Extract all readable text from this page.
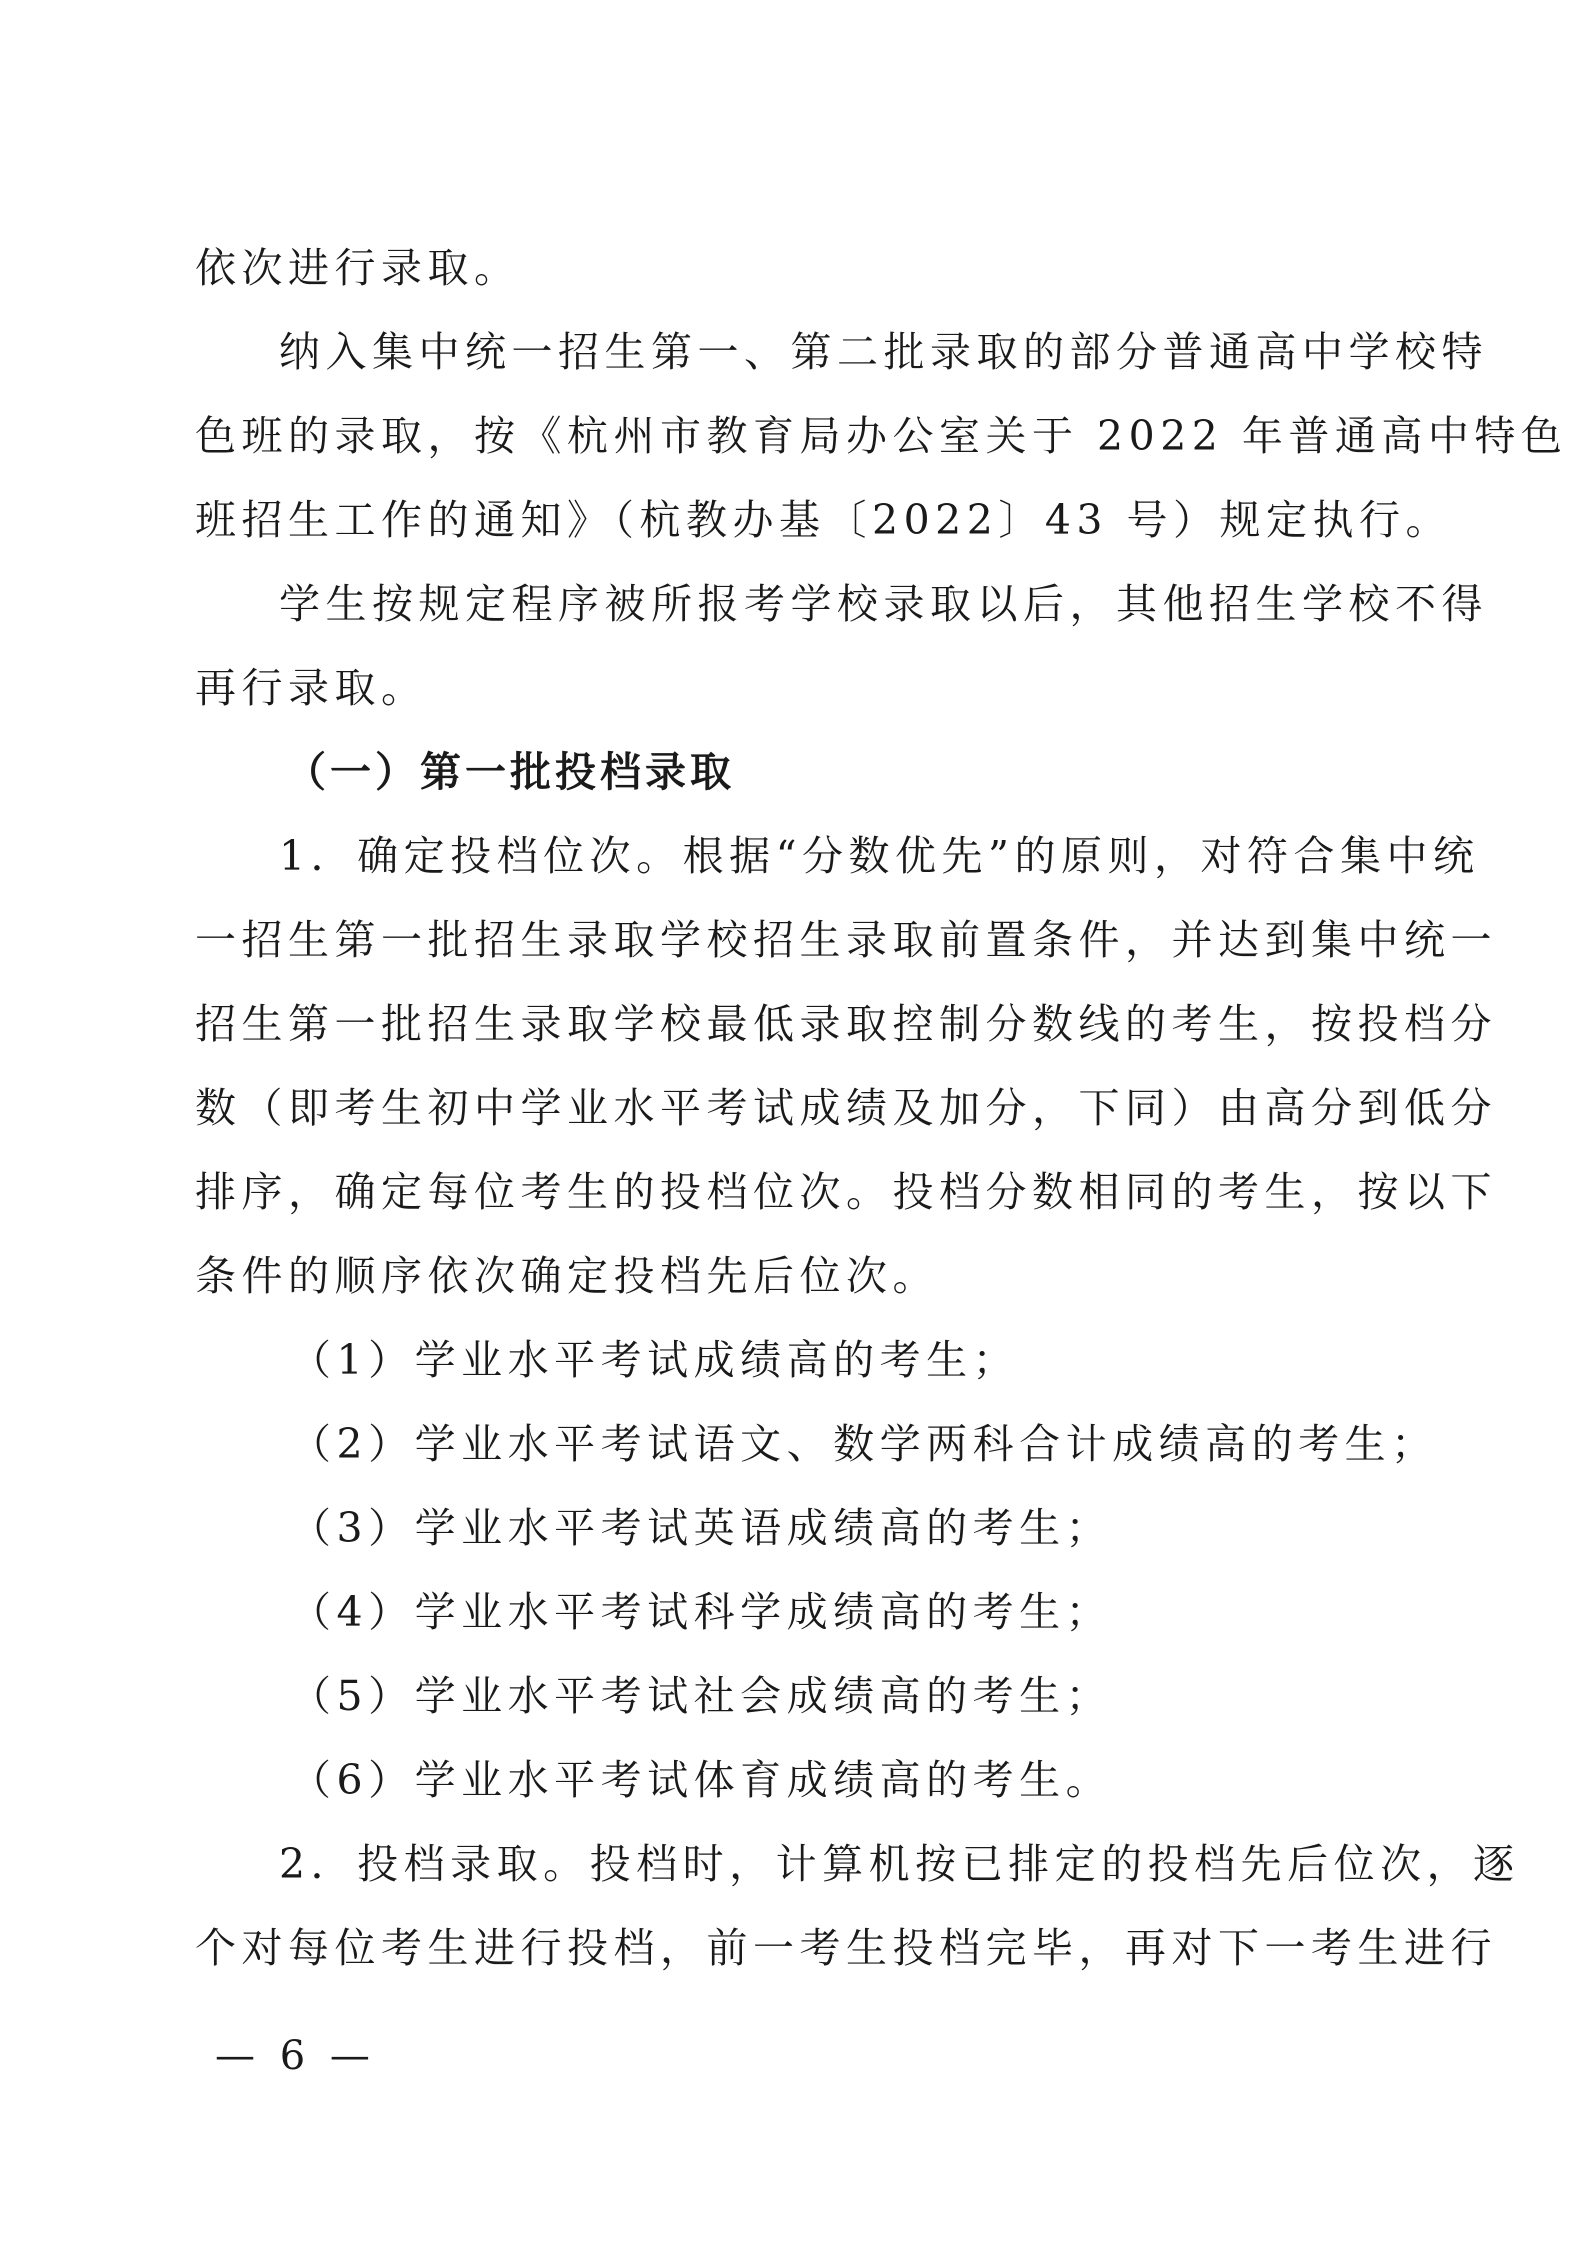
依次进行录取。
纳入集中统一招生第一、第二批录取的部分普通高中学校特
色班的录取，按《杭州市教育局办公室关于 2022 年普通高中特色
班招生工作的通知》（杭教办基〔2022〕43 号）规定执行。
学生按规定程序被所报考学校录取以后，其他招生学校不得
再行录取。
（一）第一批投档录取
1．确定投档位次。根据“分数优先”的原则，对符合集中统
一招生第一批招生录取学校招生录取前置条件，并达到集中统一
招生第一批招生录取学校最低录取控制分数线的考生，按投档分
数（即考生初中学业水平考试成绩及加分，下同）由高分到低分
排序，确定每位考生的投档位次。投档分数相同的考生，按以下
条件的顺序依次确定投档先后位次。
（1）学业水平考试成绩高的考生；
（2）学业水平考试语文、数学两科合计成绩高的考生；
（3）学业水平考试英语成绩高的考生；
（4）学业水平考试科学成绩高的考生；
（5）学业水平考试社会成绩高的考生；
（6）学业水平考试体育成绩高的考生。
2．投档录取。投档时，计算机按已排定的投档先后位次，逐
个对每位考生进行投档，前一考生投档完毕，再对下一考生进行
— 6 —
